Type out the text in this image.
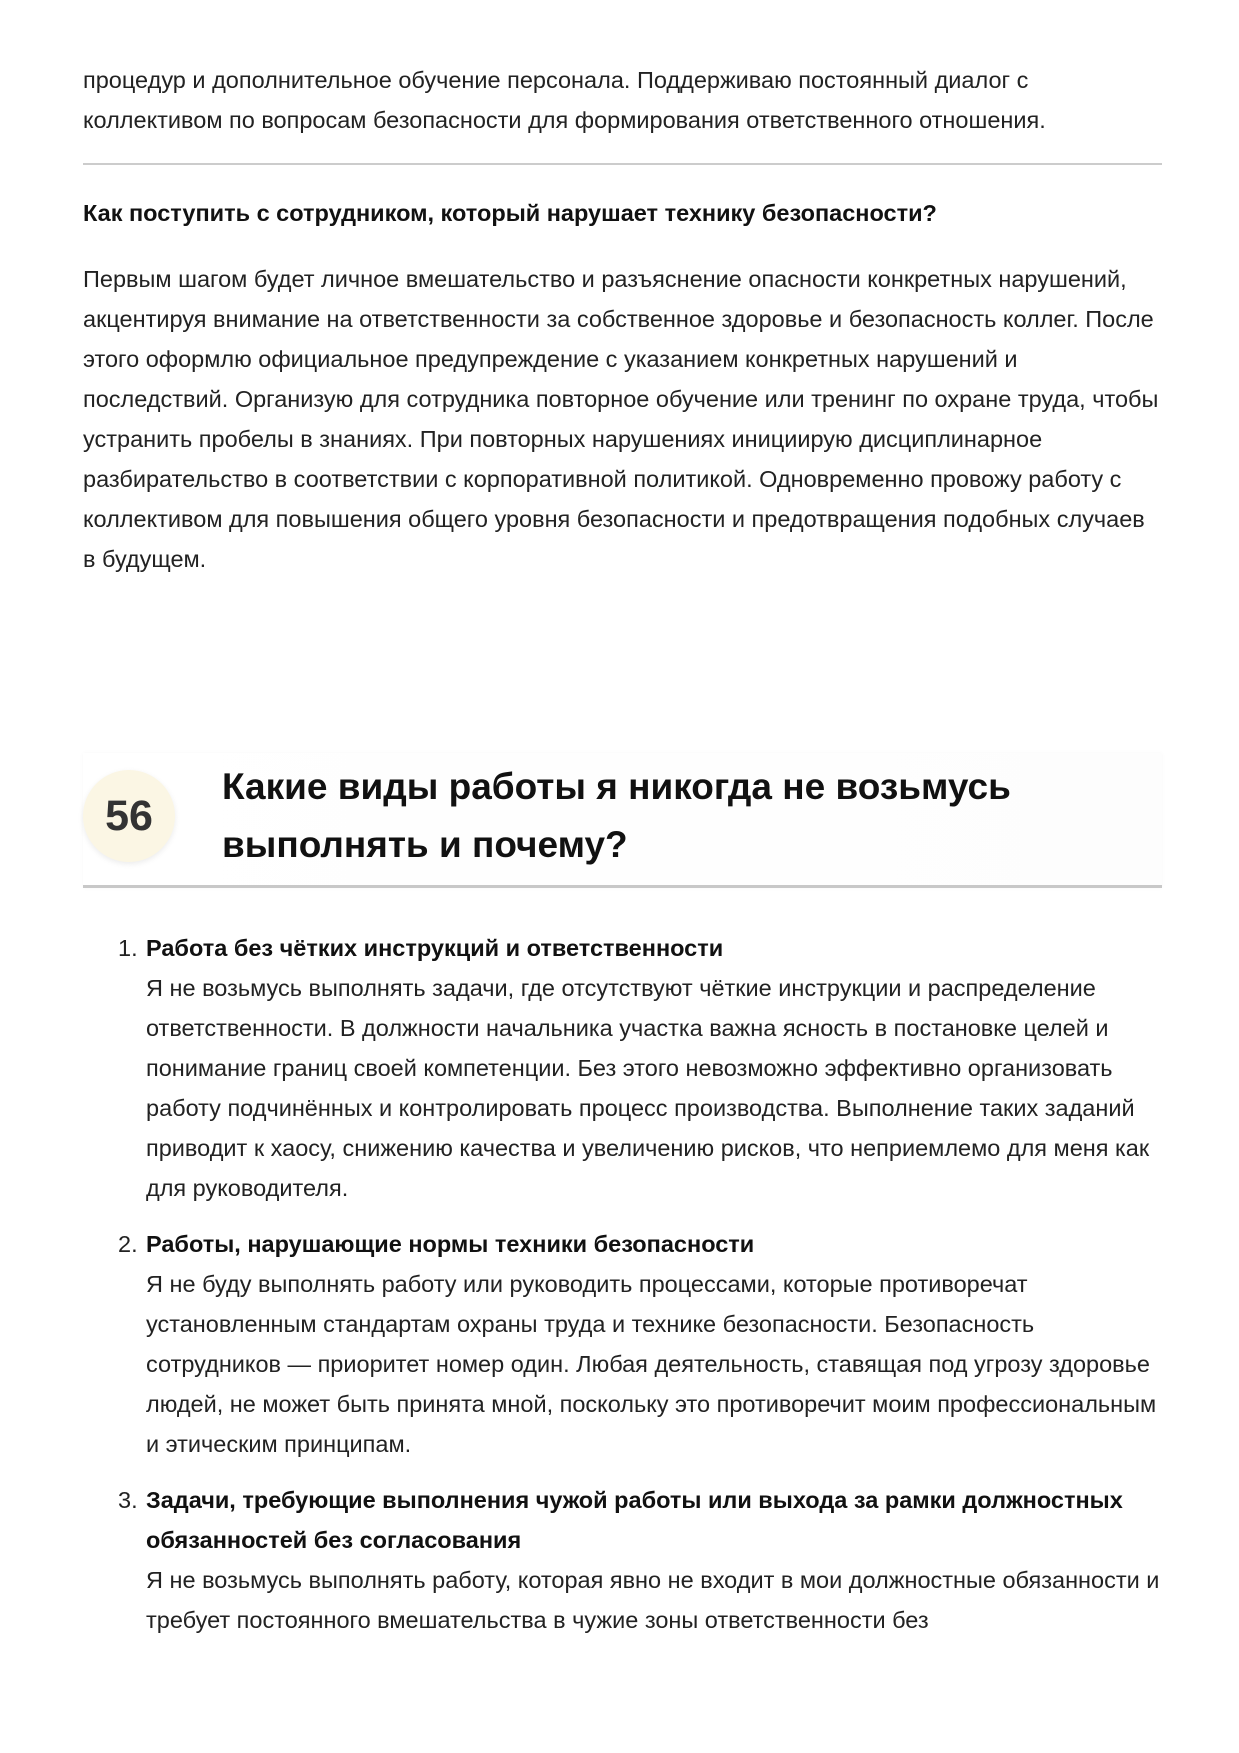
процедур и дополнительное обучение персонала. Поддерживаю постоянный диалог с коллективом по вопросам безопасности для формирования ответственного отношения.

Как поступить с сотрудником, который нарушает технику безопасности?

Первым шагом будет личное вмешательство и разъяснение опасности конкретных нарушений, акцентируя внимание на ответственности за собственное здоровье и безопасность коллег. После этого оформлю официальное предупреждение с указанием конкретных нарушений и последствий. Организую для сотрудника повторное обучение или тренинг по охране труда, чтобы устранить пробелы в знаниях. При повторных нарушениях инициирую дисциплинарное разбирательство в соответствии с корпоративной политикой. Одновременно провожу работу с коллективом для повышения общего уровня безопасности и предотвращения подобных случаев в будущем.

56
Какие виды работы я никогда не возьмусь выполнять и почему?
1. Работа без чётких инструкций и ответственности

Я не возьмусь выполнять задачи, где отсутствуют чёткие инструкции и распределение ответственности. В должности начальника участка важна ясность в постановке целей и понимание границ своей компетенции. Без этого невозможно эффективно организовать работу подчинённых и контролировать процесс производства. Выполнение таких заданий приводит к хаосу, снижению качества и увеличению рисков, что неприемлемо для меня как для руководителя.

2. Работы, нарушающие нормы техники безопасности

Я не буду выполнять работу или руководить процессами, которые противоречат установленным стандартам охраны труда и технике безопасности. Безопасность сотрудников — приоритет номер один. Любая деятельность, ставящая под угрозу здоровье людей, не может быть принята мной, поскольку это противоречит моим профессиональным и этическим принципам.

3. Задачи, требующие выполнения чужой работы или выхода за рамки должностных обязанностей без согласования

Я не возьмусь выполнять работу, которая явно не входит в мои должностные обязанности и требует постоянного вмешательства в чужие зоны ответственности без
